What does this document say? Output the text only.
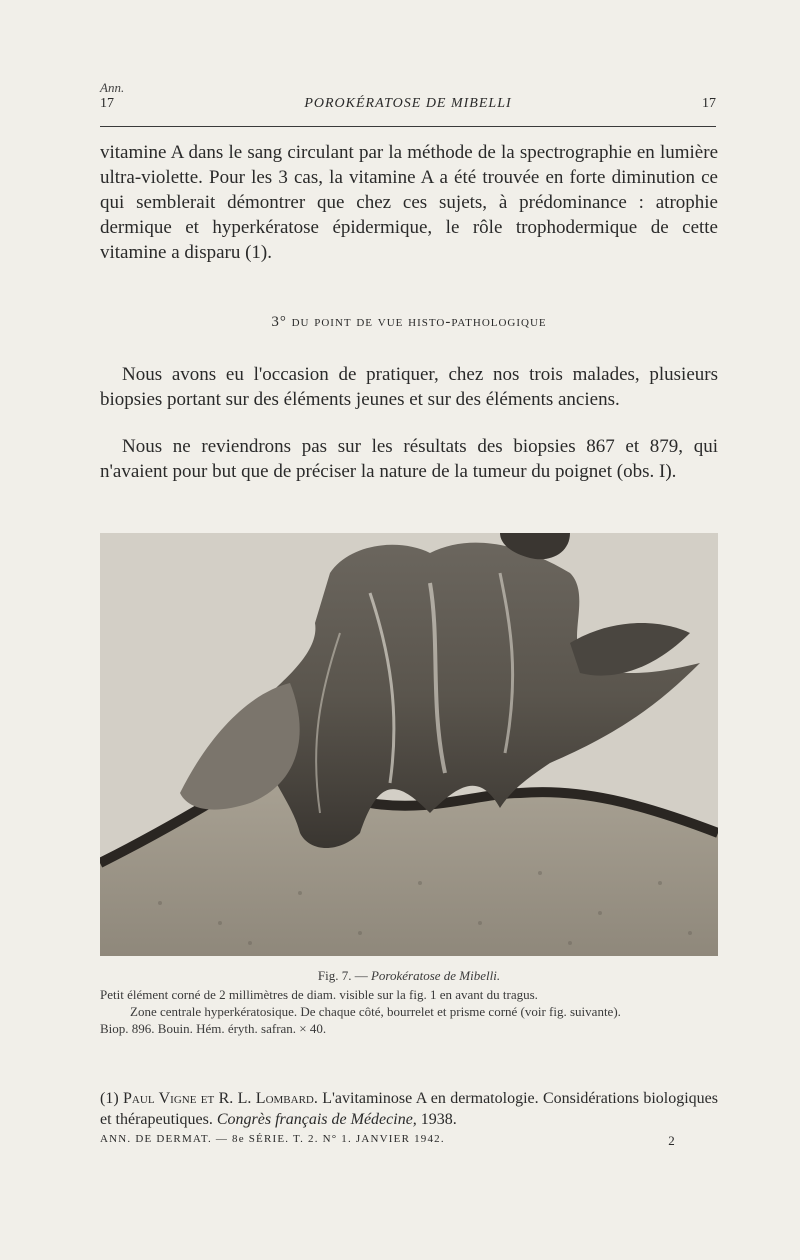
Ann.
17	POROKÉRATOSE DE MIBELLI	17

vitamine A dans le sang circulant par la méthode de la spectrographie en lumière ultra-violette. Pour les 3 cas, la vitamine A a été trouvée en forte diminution ce qui semblerait démontrer que chez ces sujets, à prédominance : atrophie dermique et hyperkératose épidermique, le rôle trophodermique de cette vitamine a disparu (1).

3° du point de vue histo-pathologique

Nous avons eu l'occasion de pratiquer, chez nos trois malades, plusieurs biopsies portant sur des éléments jeunes et sur des éléments anciens.

Nous ne reviendrons pas sur les résultats des biopsies 867 et 879, qui n'avaient pour but que de préciser la nature de la tumeur du poignet (obs. I).

Fig. 7. — Porokératose de Mibelli.

Petit élément corné de 2 millimètres de diam. visible sur la fig. 1 en avant du tragus.

Zone centrale hyperkératosique. De chaque côté, bourrelet et prisme corné (voir fig. suivante).

Biop. 896. Bouin. Hém. éryth. safran. × 40.

(1) Paul Vigne et R. L. Lombard. L'avitaminose A en dermatologie. Considérations biologiques et thérapeutiques. Congrès français de Médecine, 1938.
ANN. DE DERMAT. — 8e SÉRIE. T. 2. N° 1. JANVIER 1942.	2
